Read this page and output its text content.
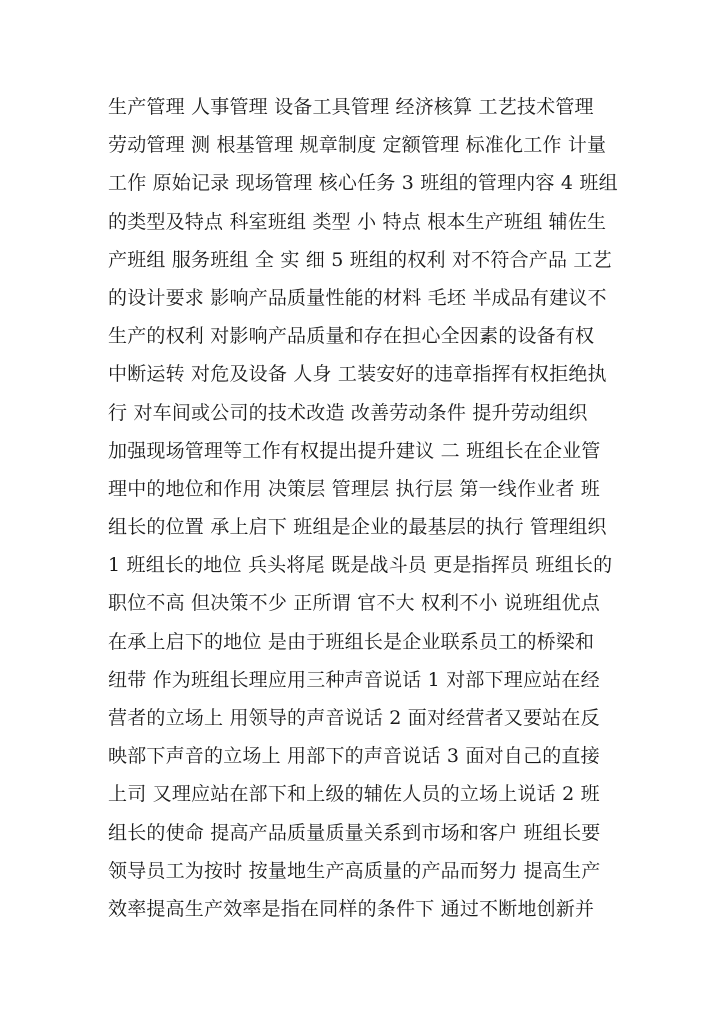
生产管理 人事管理 设备工具管理 经济核算 工艺技术管理
劳动管理 测 根基管理 规章制度 定额管理 标准化工作 计量
工作 原始记录 现场管理 核心任务 3 班组的管理内容 4 班组
的类型及特点 科室班组 类型 小 特点 根本生产班组 辅佐生
产班组 服务班组 全 实 细 5 班组的权利 对不符合产品 工艺
的设计要求 影响产品质量性能的材料 毛坯 半成品有建议不
生产的权利 对影响产品质量和存在担心全因素的设备有权
中断运转 对危及设备 人身 工装安好的违章指挥有权拒绝执
行 对车间或公司的技术改造 改善劳动条件 提升劳动组织
加强现场管理等工作有权提出提升建议 二 班组长在企业管
理中的地位和作用 决策层 管理层 执行层 第一线作业者 班
组长的位置 承上启下 班组是企业的最基层的执行 管理组织
1 班组长的地位 兵头将尾 既是战斗员 更是指挥员 班组长的
职位不高 但决策不少 正所谓 官不大 权利不小 说班组优点
在承上启下的地位 是由于班组长是企业联系员工的桥梁和
纽带 作为班组长理应用三种声音说话 1 对部下理应站在经
营者的立场上 用领导的声音说话 2 面对经营者又要站在反
映部下声音的立场上 用部下的声音说话 3 面对自己的直接
上司 又理应站在部下和上级的辅佐人员的立场上说话 2 班
组长的使命 提高产品质量质量关系到市场和客户 班组长要
领导员工为按时 按量地生产高质量的产品而努力 提高生产
效率提高生产效率是指在同样的条件下 通过不断地创新并
